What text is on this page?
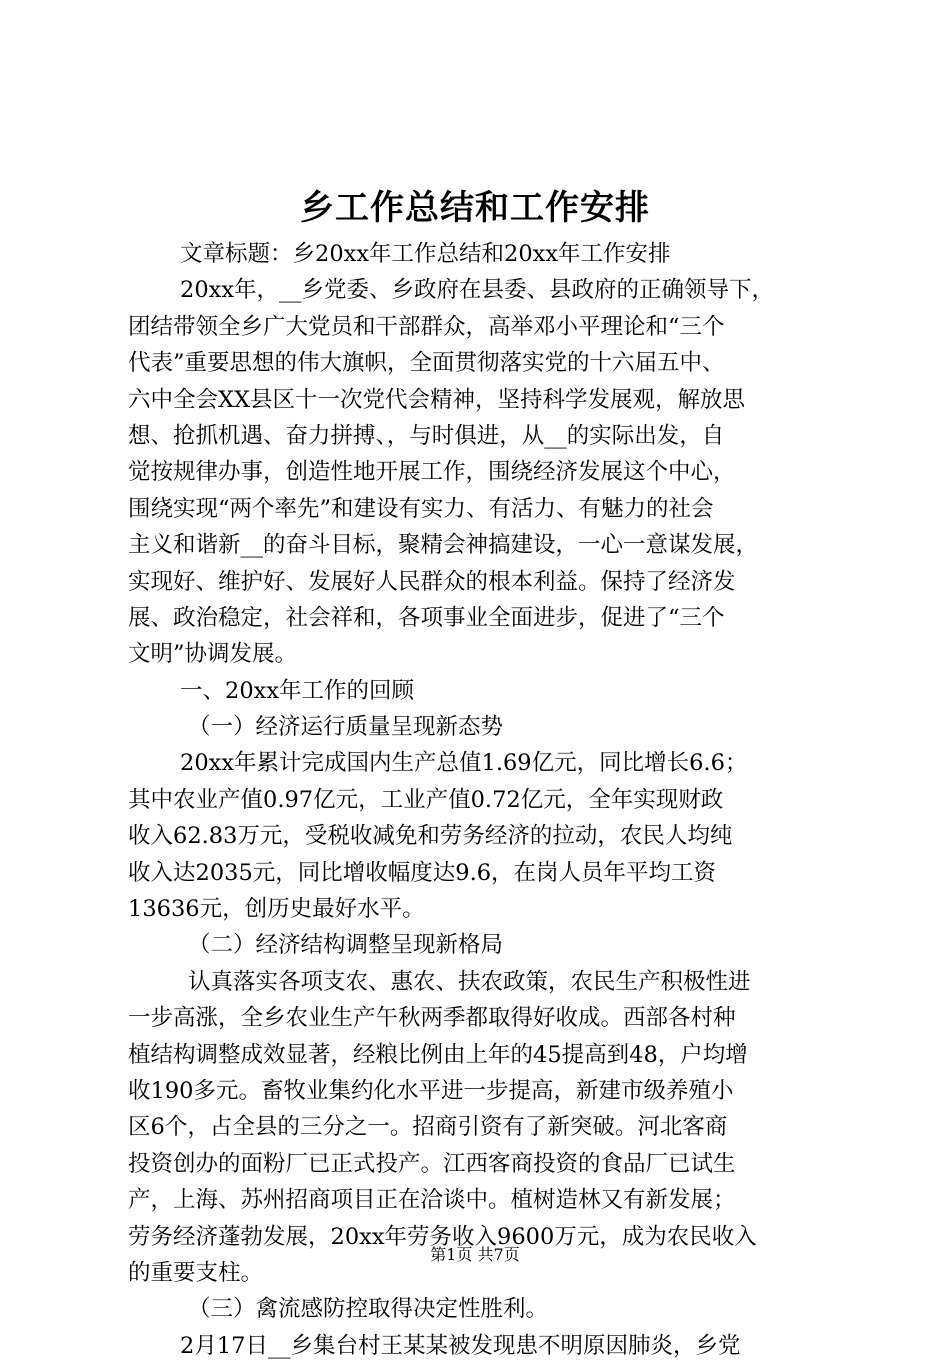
乡工作总结和工作安排
文章标题：乡20xx年工作总结和20xx年工作安排
20xx年，__乡党委、乡政府在县委、县政府的正确领导下，
团结带领全乡广大党员和干部群众，高举邓小平理论和“三个
代表”重要思想的伟大旗帜，全面贯彻落实党的十六届五中、
六中全会XX县区十一次党代会精神，坚持科学发展观，解放思
想、抢抓机遇、奋力拼搏、，与时俱进，从__的实际出发，自
觉按规律办事，创造性地开展工作，围绕经济发展这个中心，
围绕实现“两个率先”和建设有实力、有活力、有魅力的社会
主义和谐新__的奋斗目标，聚精会神搞建设，一心一意谋发展，
实现好、维护好、发展好人民群众的根本利益。保持了经济发
展、政治稳定，社会祥和，各项事业全面进步，促进了“三个
文明”协调发展。
一、20xx年工作的回顾
（一）经济运行质量呈现新态势
20xx年累计完成国内生产总值1.69亿元，同比增长6.6；
其中农业产值0.97亿元，工业产值0.72亿元，全年实现财政
收入62.83万元，受税收减免和劳务经济的拉动，农民人均纯
收入达2035元，同比增收幅度达9.6，在岗人员年平均工资
13636元，创历史最好水平。
（二）经济结构调整呈现新格局
认真落实各项支农、惠农、扶农政策，农民生产积极性进
一步高涨，全乡农业生产午秋两季都取得好收成。西部各村种
植结构调整成效显著，经粮比例由上年的45提高到48，户均增
收190多元。畜牧业集约化水平进一步提高，新建市级养殖小
区6个，占全县的三分之一。招商引资有了新突破。河北客商
投资创办的面粉厂已正式投产。江西客商投资的食品厂已试生
产，上海、苏州招商项目正在洽谈中。植树造林又有新发展；
劳务经济蓬勃发展，20xx年劳务收入9600万元，成为农民收入
的重要支柱。
（三）禽流感防控取得决定性胜利。
2月17日__乡集台村王某某被发现患不明原因肺炎，乡党
第1页 共7页
